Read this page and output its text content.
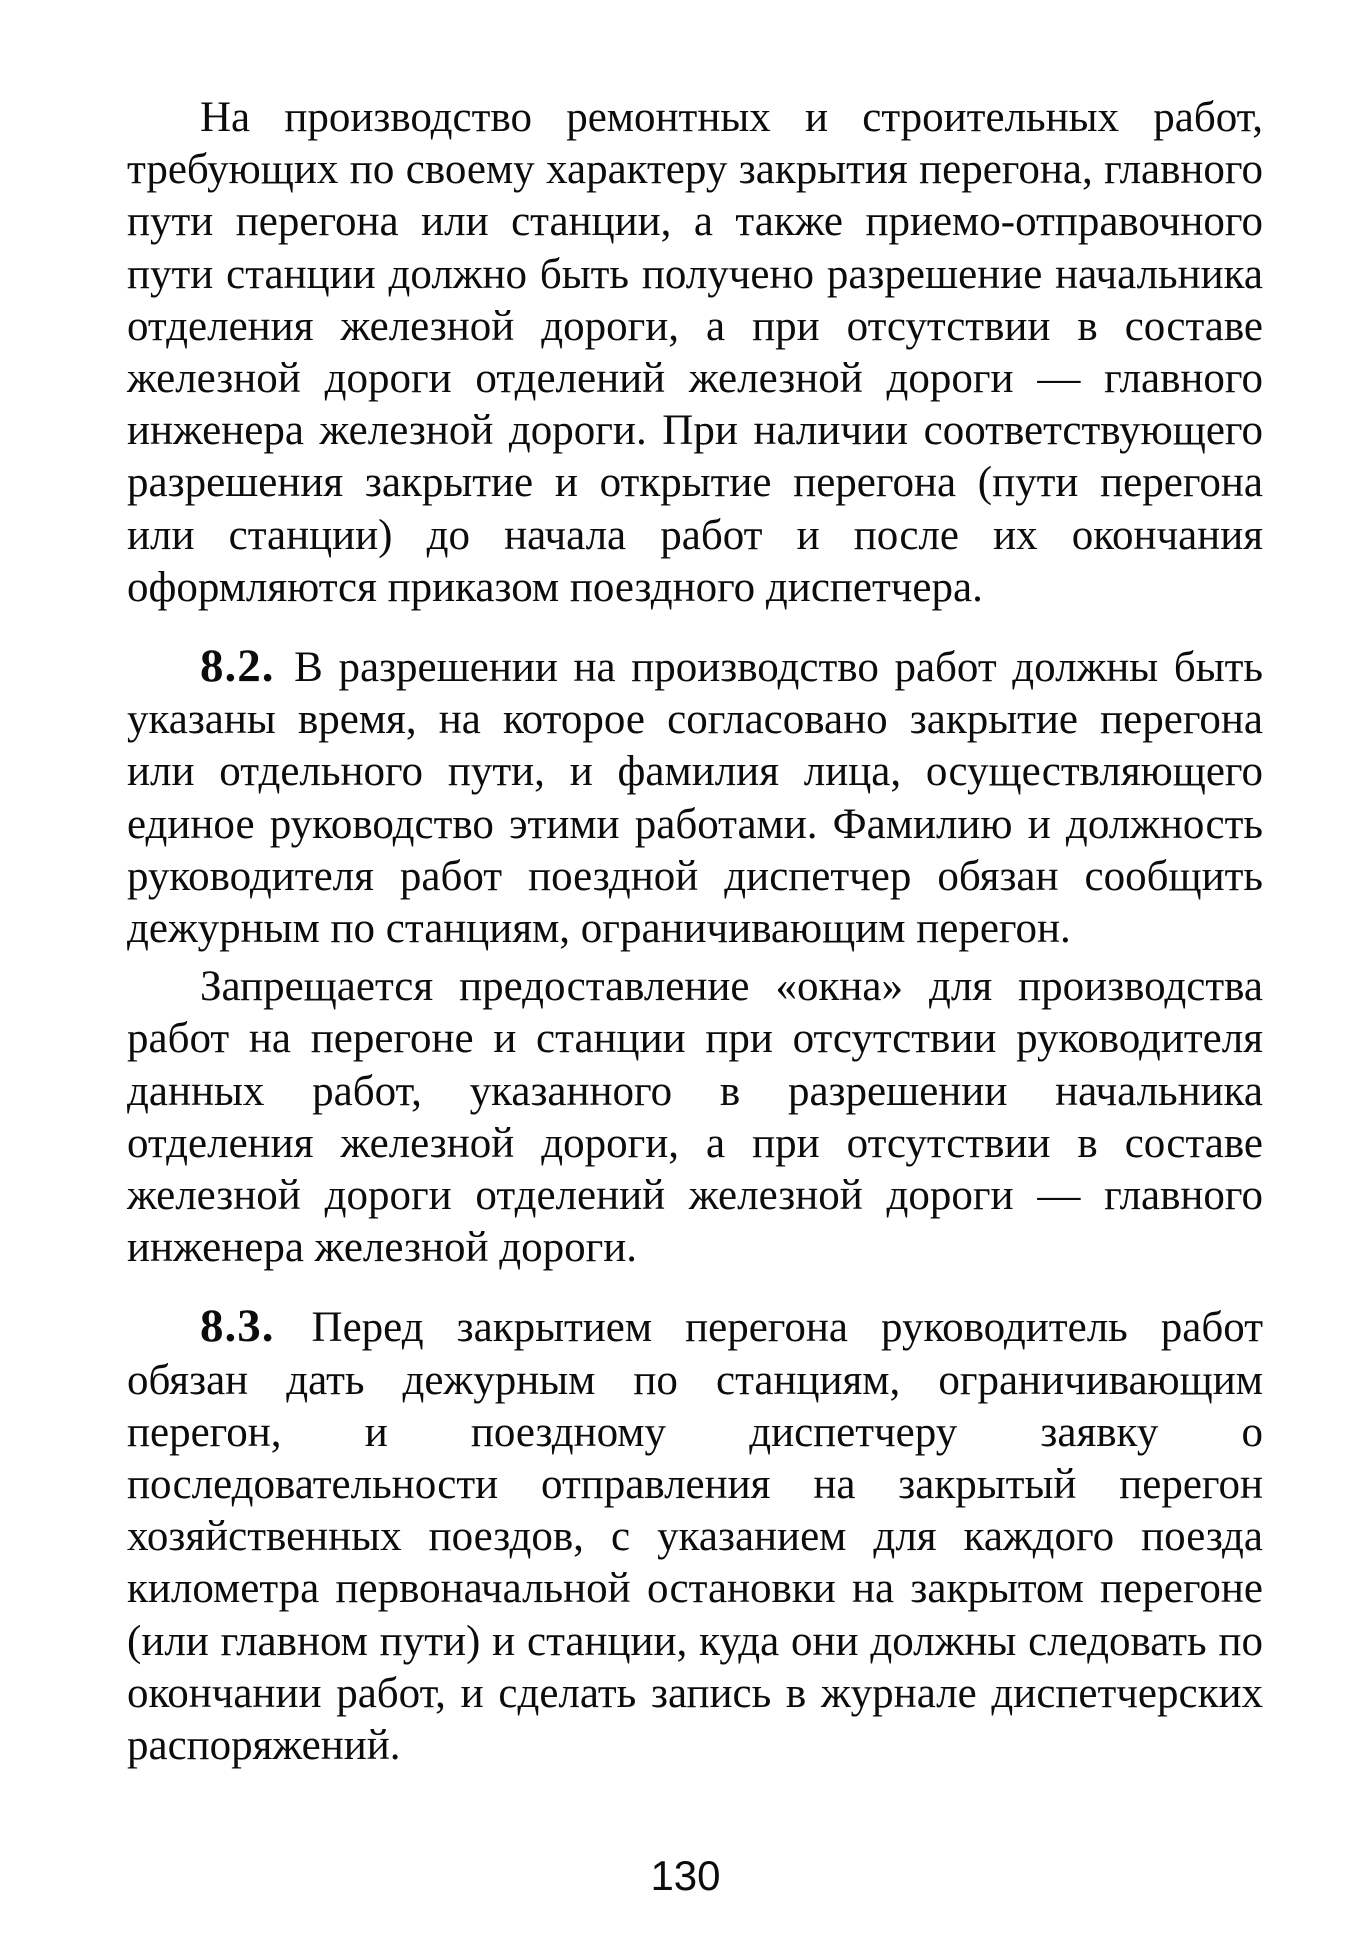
На производство ремонтных и строительных работ, требующих по своему характеру закрытия перегона, главного пути перегона или станции, а также приемо-отправочного пути станции должно быть получено разрешение начальника отделения железной дороги, а при отсутствии в составе железной дороги отделений железной дороги — главного инженера железной дороги. При наличии соответствующего разрешения закрытие и открытие перегона (пути перегона или станции) до начала работ и после их окончания оформляются приказом поездного диспетчера.

8.2. В разрешении на производство работ должны быть указаны время, на которое согласовано закрытие перегона или отдельного пути, и фамилия лица, осуществляющего единое руководство этими работами. Фамилию и должность руководителя работ поездной диспетчер обязан сообщить дежурным по станциям, ограничивающим перегон.

Запрещается предоставление «окна» для производства работ на перегоне и станции при отсутствии руководителя данных работ, указанного в разрешении начальника отделения железной дороги, а при отсутствии в составе железной дороги отделений железной дороги — главного инженера железной дороги.

8.3. Перед закрытием перегона руководитель работ обязан дать дежурным по станциям, ограничивающим перегон, и поездному диспетчеру заявку о последовательности отправления на закрытый перегон хозяйственных поездов, с указанием для каждого поезда километра первоначальной остановки на закрытом перегоне (или главном пути) и станции, куда они должны следовать по окончании работ, и сделать запись в журнале диспетчерских распоряжений.

130
